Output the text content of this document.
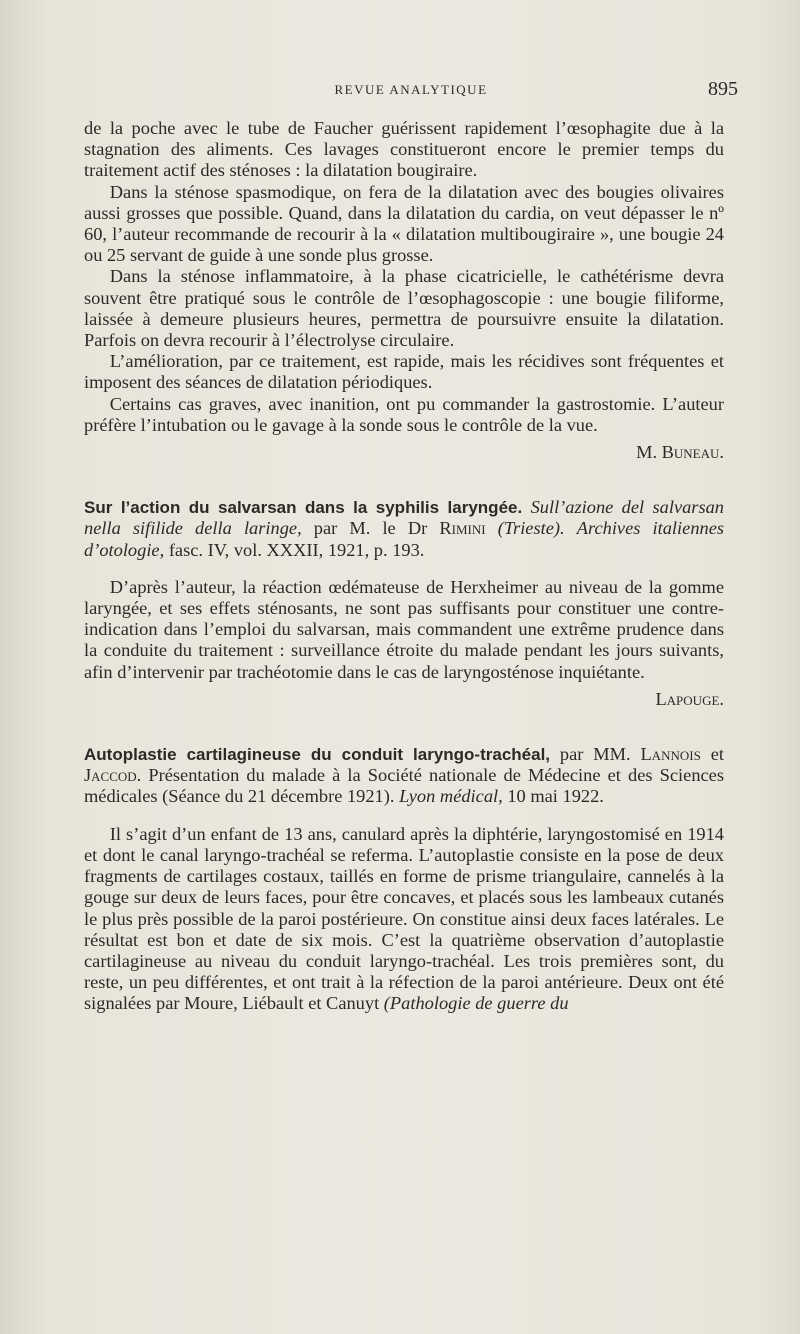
REVUE ANALYTIQUE	895

de la poche avec le tube de Faucher guérissent rapidement l’œsophagite due à la stagnation des aliments. Ces lavages constitueront encore le premier temps du traitement actif des sténoses : la dilatation bougiraire.

Dans la sténose spasmodique, on fera de la dilatation avec des bougies olivaires aussi grosses que possible. Quand, dans la dilatation du cardia, on veut dépasser le nº 60, l’auteur recommande de recourir à la « dilatation multibougiraire », une bougie 24 ou 25 servant de guide à une sonde plus grosse.

Dans la sténose inflammatoire, à la phase cicatricielle, le cathétérisme devra souvent être pratiqué sous le contrôle de l’œsophagoscopie : une bougie filiforme, laissée à demeure plusieurs heures, permettra de poursuivre ensuite la dilatation. Parfois on devra recourir à l’électrolyse circulaire.

L’amélioration, par ce traitement, est rapide, mais les récidives sont fréquentes et imposent des séances de dilatation périodiques.

Certains cas graves, avec inanition, ont pu commander la gastrostomie. L’auteur préfère l’intubation ou le gavage à la sonde sous le contrôle de la vue.

M. Buneau.

Sur l’action du salvarsan dans la syphilis laryngée. Sull’azione del salvarsan nella sifilide della laringe, par M. le Dr Rimini (Trieste). Archives italiennes d’otologie, fasc. IV, vol. XXXII, 1921, p. 193.

D’après l’auteur, la réaction œdémateuse de Herxheimer au niveau de la gomme laryngée, et ses effets sténosants, ne sont pas suffisants pour constituer une contre-indication dans l’emploi du salvarsan, mais commandent une extrême prudence dans la conduite du traitement : surveillance étroite du malade pendant les jours suivants, afin d’intervenir par trachéotomie dans le cas de laryngosténose inquiétante.

Lapouge.

Autoplastie cartilagineuse du conduit laryngo-trachéal, par MM. Lannois et Jaccod. Présentation du malade à la Société nationale de Médecine et des Sciences médicales (Séance du 21 décembre 1921). Lyon médical, 10 mai 1922.

Il s’agit d’un enfant de 13 ans, canulard après la diphtérie, laryngostomisé en 1914 et dont le canal laryngo-trachéal se referma. L’autoplastie consiste en la pose de deux fragments de cartilages costaux, taillés en forme de prisme triangulaire, cannelés à la gouge sur deux de leurs faces, pour être concaves, et placés sous les lambeaux cutanés le plus près possible de la paroi postérieure. On constitue ainsi deux faces latérales. Le résultat est bon et date de six mois. C’est la quatrième observation d’autoplastie cartilagineuse au niveau du conduit laryngo-trachéal. Les trois premières sont, du reste, un peu différentes, et ont trait à la réfection de la paroi antérieure. Deux ont été signalées par Moure, Liébault et Canuyt (Pathologie de guerre du
